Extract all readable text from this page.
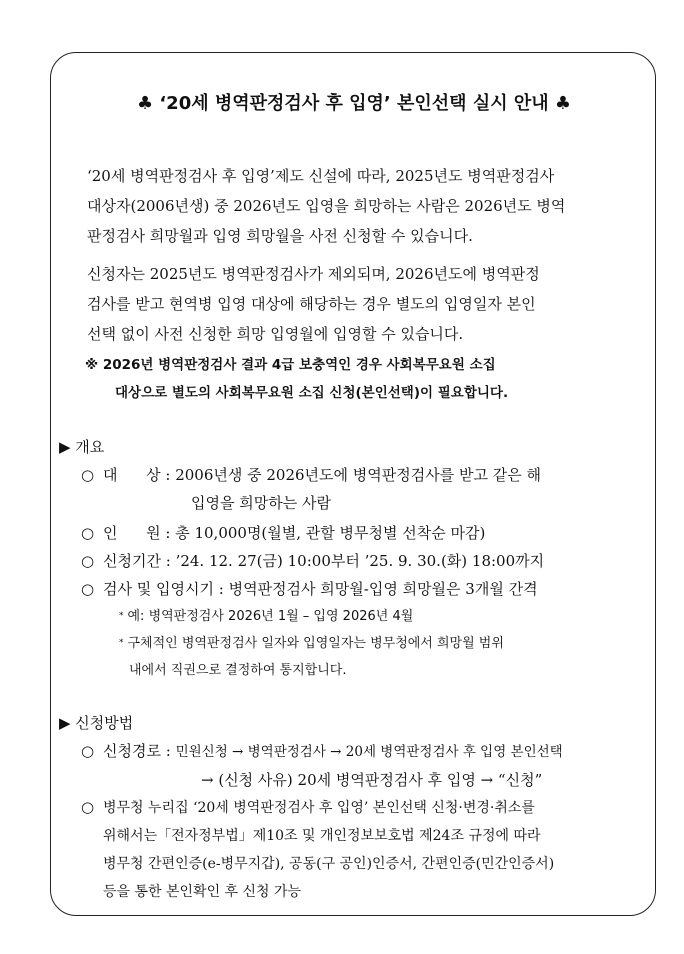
♣ ‘20세 병역판정검사 후 입영’ 본인선택 실시 안내 ♣
‘20세 병역판정검사 후 입영’제도 신설에 따라, 2025년도 병역판정검사
대상자(2006년생) 중 2026년도 입영을 희망하는 사람은 2026년도 병역
판정검사 희망월과 입영 희망월을 사전 신청할 수 있습니다.
신청자는 2025년도 병역판정검사가 제외되며, 2026년도에 병역판정
검사를 받고 현역병 입영 대상에 해당하는 경우 별도의 입영일자 본인
선택 없이 사전 신청한 희망 입영월에 입영할 수 있습니다.
※ 2026년 병역판정검사 결과 4급 보충역인 경우 사회복무요원 소집
대상으로 별도의 사회복무요원 소집 신청(본인선택)이 필요합니다.
▶ 개요
○ 대      상 : 2006년생 중 2026년도에 병역판정검사를 받고 같은 해
입영을 희망하는 사람
○ 인      원 : 총 10,000명(월별, 관할 병무청별 선착순 마감)
○ 신청기간 : ’24. 12. 27(금) 10:00부터 ’25. 9. 30.(화) 18:00까지
○ 검사 및 입영시기 : 병역판정검사 희망월-입영 희망월은 3개월 간격
* 예: 병역판정검사 2026년 1월 – 입영 2026년 4월
* 구체적인 병역판정검사 일자와 입영일자는 병무청에서 희망월 범위
내에서 직권으로 결정하여 통지합니다.
▶ 신청방법
○ 신청경로 : 민원신청 → 병역판정검사 → 20세 병역판정검사 후 입영 본인선택
→ (신청 사유) 20세 병역판정검사 후 입영 → “신청”
○ 병무청 누리집 ‘20세 병역판정검사 후 입영’ 본인선택 신청·변경·취소를
위해서는「전자정부법」제10조 및 개인정보보호법 제24조 규정에 따라
병무청 간편인증(e-병무지갑), 공동(구 공인)인증서, 간편인증(민간인증서)
등을 통한 본인확인 후 신청 가능
